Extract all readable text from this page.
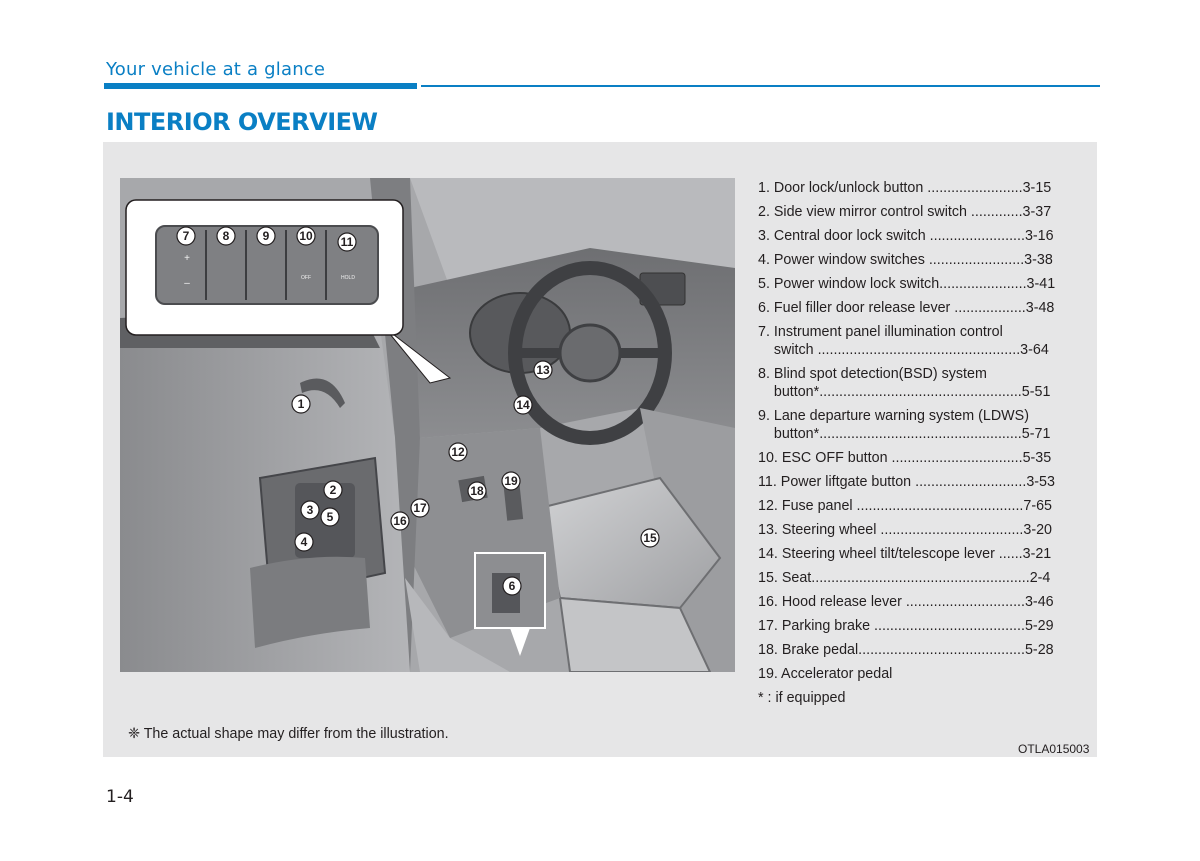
Your vehicle at a glance
INTERIOR OVERVIEW
+
–	OFF	HOLD
7	8	9 10 11
1
2
3 5
4
12
13
14
15
16
17
18
19
6
1. Door lock/unlock button ........................3-15
2. Side view mirror control switch .............3-37
3. Central door lock switch ........................3-16
4. Power window switches ........................3-38
5. Power window lock switch......................3-41
6. Fuel filler door release lever ..................3-48
7. Instrument panel illumination control
switch ...................................................3-64
8. Blind spot detection(BSD) system
button*...................................................5-51
9. Lane departure warning system (LDWS)
button*...................................................5-71
10. ESC OFF button .................................5-35
11. Power liftgate button ............................3-53
12. Fuse panel ..........................................7-65
13. Steering wheel ....................................3-20
14. Steering wheel tilt/telescope lever ......3-21
15. Seat.......................................................2-4
16. Hood release lever ..............................3-46
17. Parking brake ......................................5-29
18. Brake pedal..........................................5-28
19. Accelerator pedal
* : if equipped
❈ The actual shape may differ from the illustration.
OTLA015003
1-4
